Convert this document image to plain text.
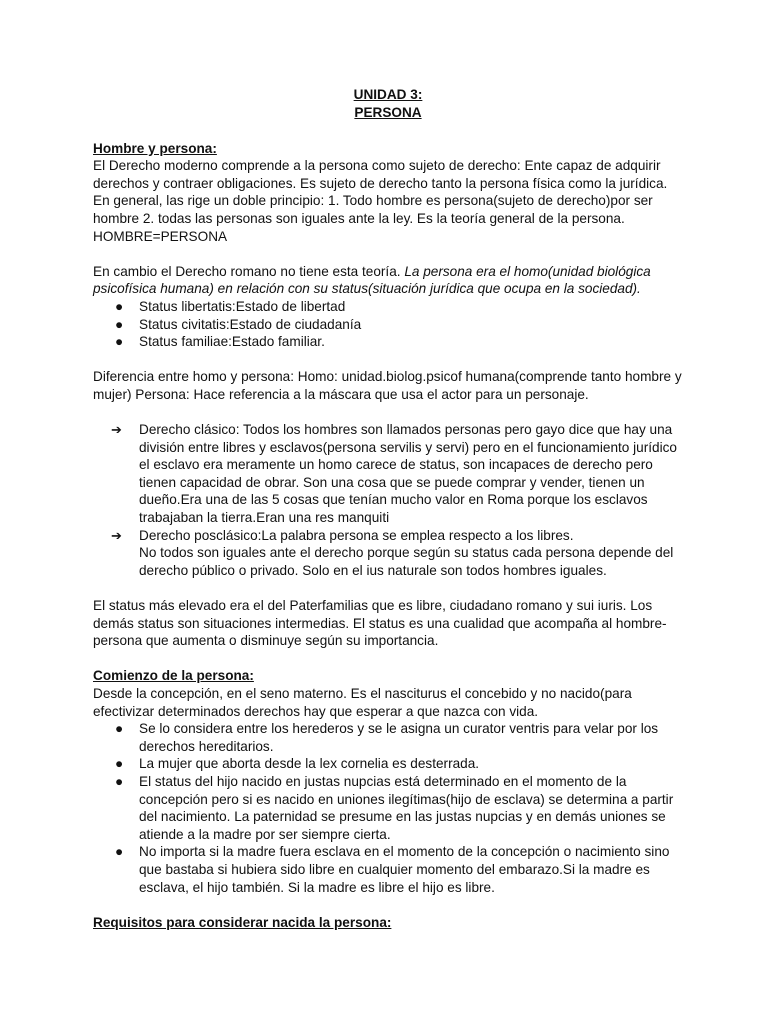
UNIDAD 3:
PERSONA
Hombre y persona:

El Derecho moderno comprende a la persona como sujeto de derecho: Ente capaz de adquirir derechos y contraer obligaciones. Es sujeto de derecho tanto la persona física como la jurídica. En general, las rige un doble principio: 1. Todo hombre es persona(sujeto de derecho)por ser hombre 2. todas las personas son iguales ante la ley. Es la teoría general de la persona. HOMBRE=PERSONA

En cambio el Derecho romano no tiene esta teoría. La persona era el homo(unidad biológica psicofísica humana) en relación con su status(situación jurídica que ocupa en la sociedad).

● Status libertatis:Estado de libertad
● Status civitatis:Estado de ciudadanía
● Status familiae:Estado familiar.

Diferencia entre homo y persona: Homo: unidad.biolog.psicof humana(comprende tanto hombre y mujer) Persona: Hace referencia a la máscara que usa el actor para un personaje.

➔ Derecho clásico: Todos los hombres son llamados personas pero gayo dice que hay una división entre libres y esclavos(persona servilis y servi) pero en el funcionamiento jurídico el esclavo era meramente un homo carece de status, son incapaces de derecho pero tienen capacidad de obrar. Son una cosa que se puede comprar y vender, tienen un dueño.Era una de las 5 cosas que tenían mucho valor en Roma porque los esclavos trabajaban la tierra.Eran una res manquiti
➔ Derecho posclásico:La palabra persona se emplea respecto a los libres.
No todos son iguales ante el derecho porque según su status cada persona depende del derecho público o privado. Solo en el ius naturale son todos hombres iguales.

El status más elevado era el del Paterfamilias que es libre, ciudadano romano y sui iuris. Los demás status son situaciones intermedias. El status es una cualidad que acompaña al hombre-persona que aumenta o disminuye según su importancia.

Comienzo de la persona:

Desde la concepción, en el seno materno. Es el nasciturus el concebido y no nacido(para efectivizar determinados derechos hay que esperar a que nazca con vida.

● Se lo considera entre los herederos y se le asigna un curator ventris para velar por los derechos hereditarios.
● La mujer que aborta desde la lex cornelia es desterrada.
● El status del hijo nacido en justas nupcias está determinado en el momento de la concepción pero si es nacido en uniones ilegítimas(hijo de esclava) se determina a partir del nacimiento. La paternidad se presume en las justas nupcias y en demás uniones se atiende a la madre por ser siempre cierta.
● No importa si la madre fuera esclava en el momento de la concepción o nacimiento sino que bastaba si hubiera sido libre en cualquier momento del embarazo.Si la madre es esclava, el hijo también. Si la madre es libre el hijo es libre.
Requisitos para considerar nacida la persona:
